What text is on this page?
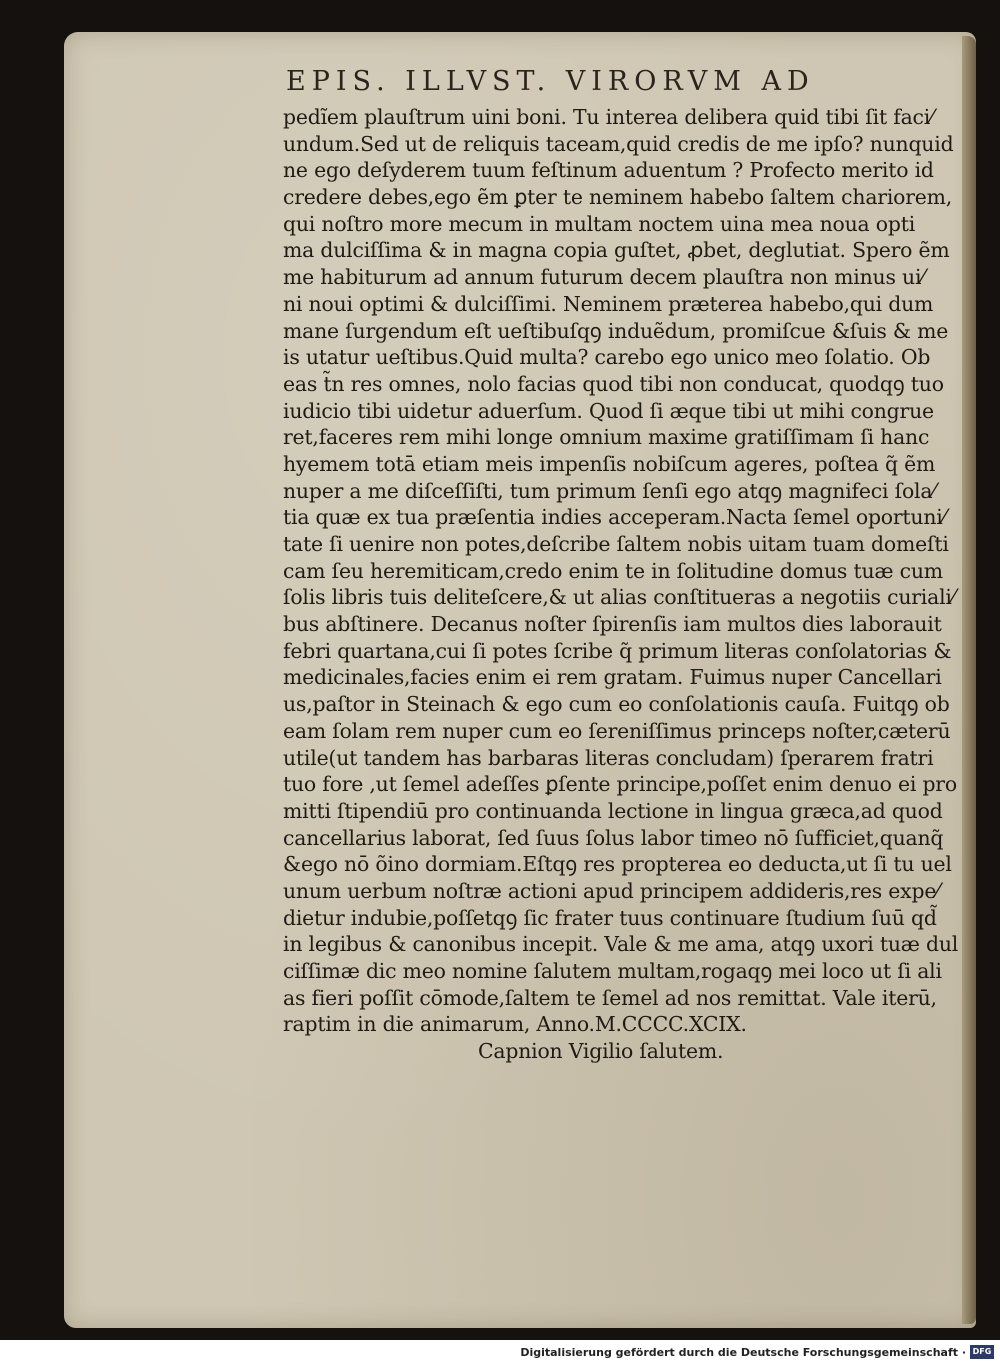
EPIS. ILLVST. VIRORVM AD
pedĩem plauſtrum uini boni. Tu interea delibera quid tibi ſit faci⁄
undum.Sed ut de reliquis taceam,quid credis de me ipſo? nunquid
ne ego deſyderem tuum feſtinum aduentum ? Profecto merito id
credere debes,ego ẽm ꝑter te neminem habebo ſaltem chariorem,
qui noſtro more mecum in multam noctem uina mea noua opti
ma dulciſſima & in magna copia guſtet, ꝓbet, deglutiat. Spero ẽm
me habiturum ad annum futurum decem plauſtra non minus ui⁄
ni noui optimi & dulciſſimi. Neminem præterea habebo,qui dum
mane ſurgendum eſt ueſtibuſqꝯ induẽdum, promiſcue &ſuis & me
is utatur ueſtibus.Quid multa? carebo ego unico meo ſolatio. Ob
eas t̃n res omnes, nolo facias quod tibi non conducat, quodqꝯ tuo
iudicio tibi uidetur aduerſum. Quod ſi æque tibi ut mihi congrue
ret,faceres rem mihi longe omnium maxime gratiſſimam ſi hanc
hyemem totā etiam meis impenſis nobiſcum ageres, poſtea q̃ ẽm
nuper a me diſceſſiſti, tum primum ſenſi ego atqꝯ magnifeci ſola⁄
tia quæ ex tua præſentia indies acceperam.Nacta ſemel oportuni⁄
tate ſi uenire non potes,deſcribe ſaltem nobis uitam tuam domeſti
cam ſeu heremiticam,credo enim te in ſolitudine domus tuæ cum
ſolis libris tuis delitеſcere,& ut alias conſtitueras a negotiis curiali⁄
bus abſtinere. Decanus noſter ſpirenſis iam multos dies laborauit
febri quartana,cui ſi potes ſcribe q̃ primum literas conſolatorias &
medicinales,facies enim ei rem gratam. Fuimus nuper Cancellari
us,paſtor in Steinach & ego cum eo conſolationis cauſa. Fuitqꝯ ob
eam ſolam rem nuper cum eo ſereniſſimus princeps noſter,cæterū
utile(ut tandem has barbaras literas concludam) ſperarem fratri
tuo fore ,ut ſemel adeſſes ꝑſente principe,poſſet enim denuo ei pro
mitti ſtipendiū pro continuanda lectione in lingua græca,ad quod
cancellarius laborat, ſed ſuus ſolus labor timeo nō ſufficiet,quanq̃
&ego nō õino dormiam.Eſtqꝯ res propterea eo deducta,ut ſi tu uel
unum uerbum noſtræ actioni apud principem addideris,res expe⁄
dietur indubie,poſſetqꝯ ſic frater tuus continuare ſtudium ſuū qd̃
in legibus & canonibus incepit. Vale & me ama, atqꝯ uxori tuæ dul
ciſſimæ dic meo nomine ſalutem multam,rogaqꝯ mei loco ut ſi ali
as fieri poſſit cōmode,ſaltem te ſemel ad nos remittat. Vale iterū,
raptim in die animarum, Anno.M.CCCC.XCIX.
Capnion Vigilio ſalutem.
Digitalisierung gefördert durch die Deutsche Forschungsgemeinschaft · DFG
